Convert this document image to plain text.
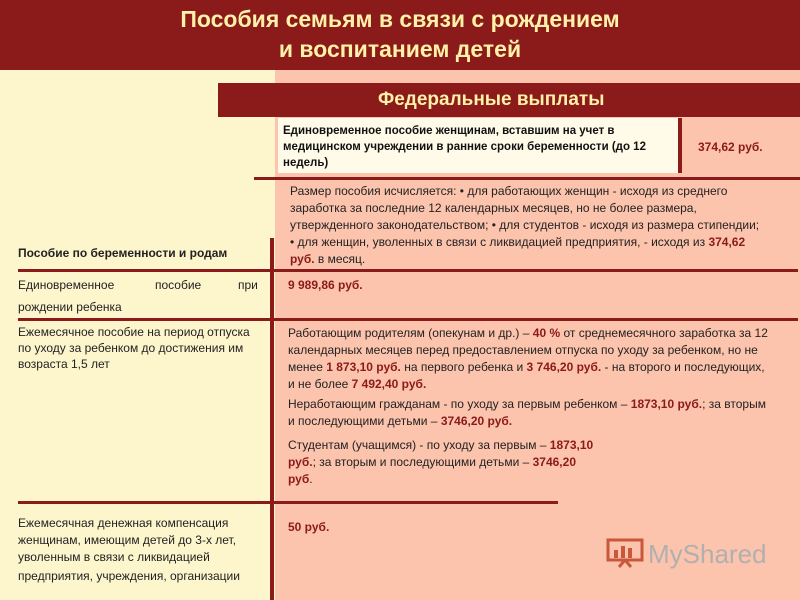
Пособия семьям в связи с рождением
и воспитанием детей
Федеральные выплаты
Единовременное пособие женщинам, вставшим на учет в медицинском учреждении в ранние сроки беременности (до 12 недель)
374,62 руб.
Размер пособия исчисляется: • для работающих женщин - исходя из среднего заработка за последние 12 календарных месяцев, но не более размера, утвержденного законодательством; • для студентов - исходя из размера стипендии; • для женщин, уволенных в связи с ликвидацией предприятия, - исходя из 374,62 руб. в месяц.
Пособие по беременности и родам
Единовременное	пособие	при
рождении ребенка
9 989,86 руб.
Ежемесячное пособие на период отпуска по уходу за ребенком до достижения им возраста 1,5 лет
Работающим родителям (опекунам и др.) – 40 % от среднемесячного заработка за 12 календарных месяцев перед предоставлением отпуска по уходу за ребенком, но не менее 1 873,10 руб. на первого ребенка и 3 746,20 руб. - на второго и последующих, и не более 7 492,40 руб.
Неработающим гражданам - по уходу за первым ребенком – 1873,10 руб.; за вторым и последующими детьми – 3746,20 руб.
Студентам (учащимся) - по уходу за первым – 1873,10 руб.; за вторым и последующими детьми – 3746,20 руб.
Ежемесячная денежная компенсация женщинам, имеющим детей до 3-х лет, уволенным в связи с ликвидацией
предприятия, учреждения, организации
50 руб.
MyShared
